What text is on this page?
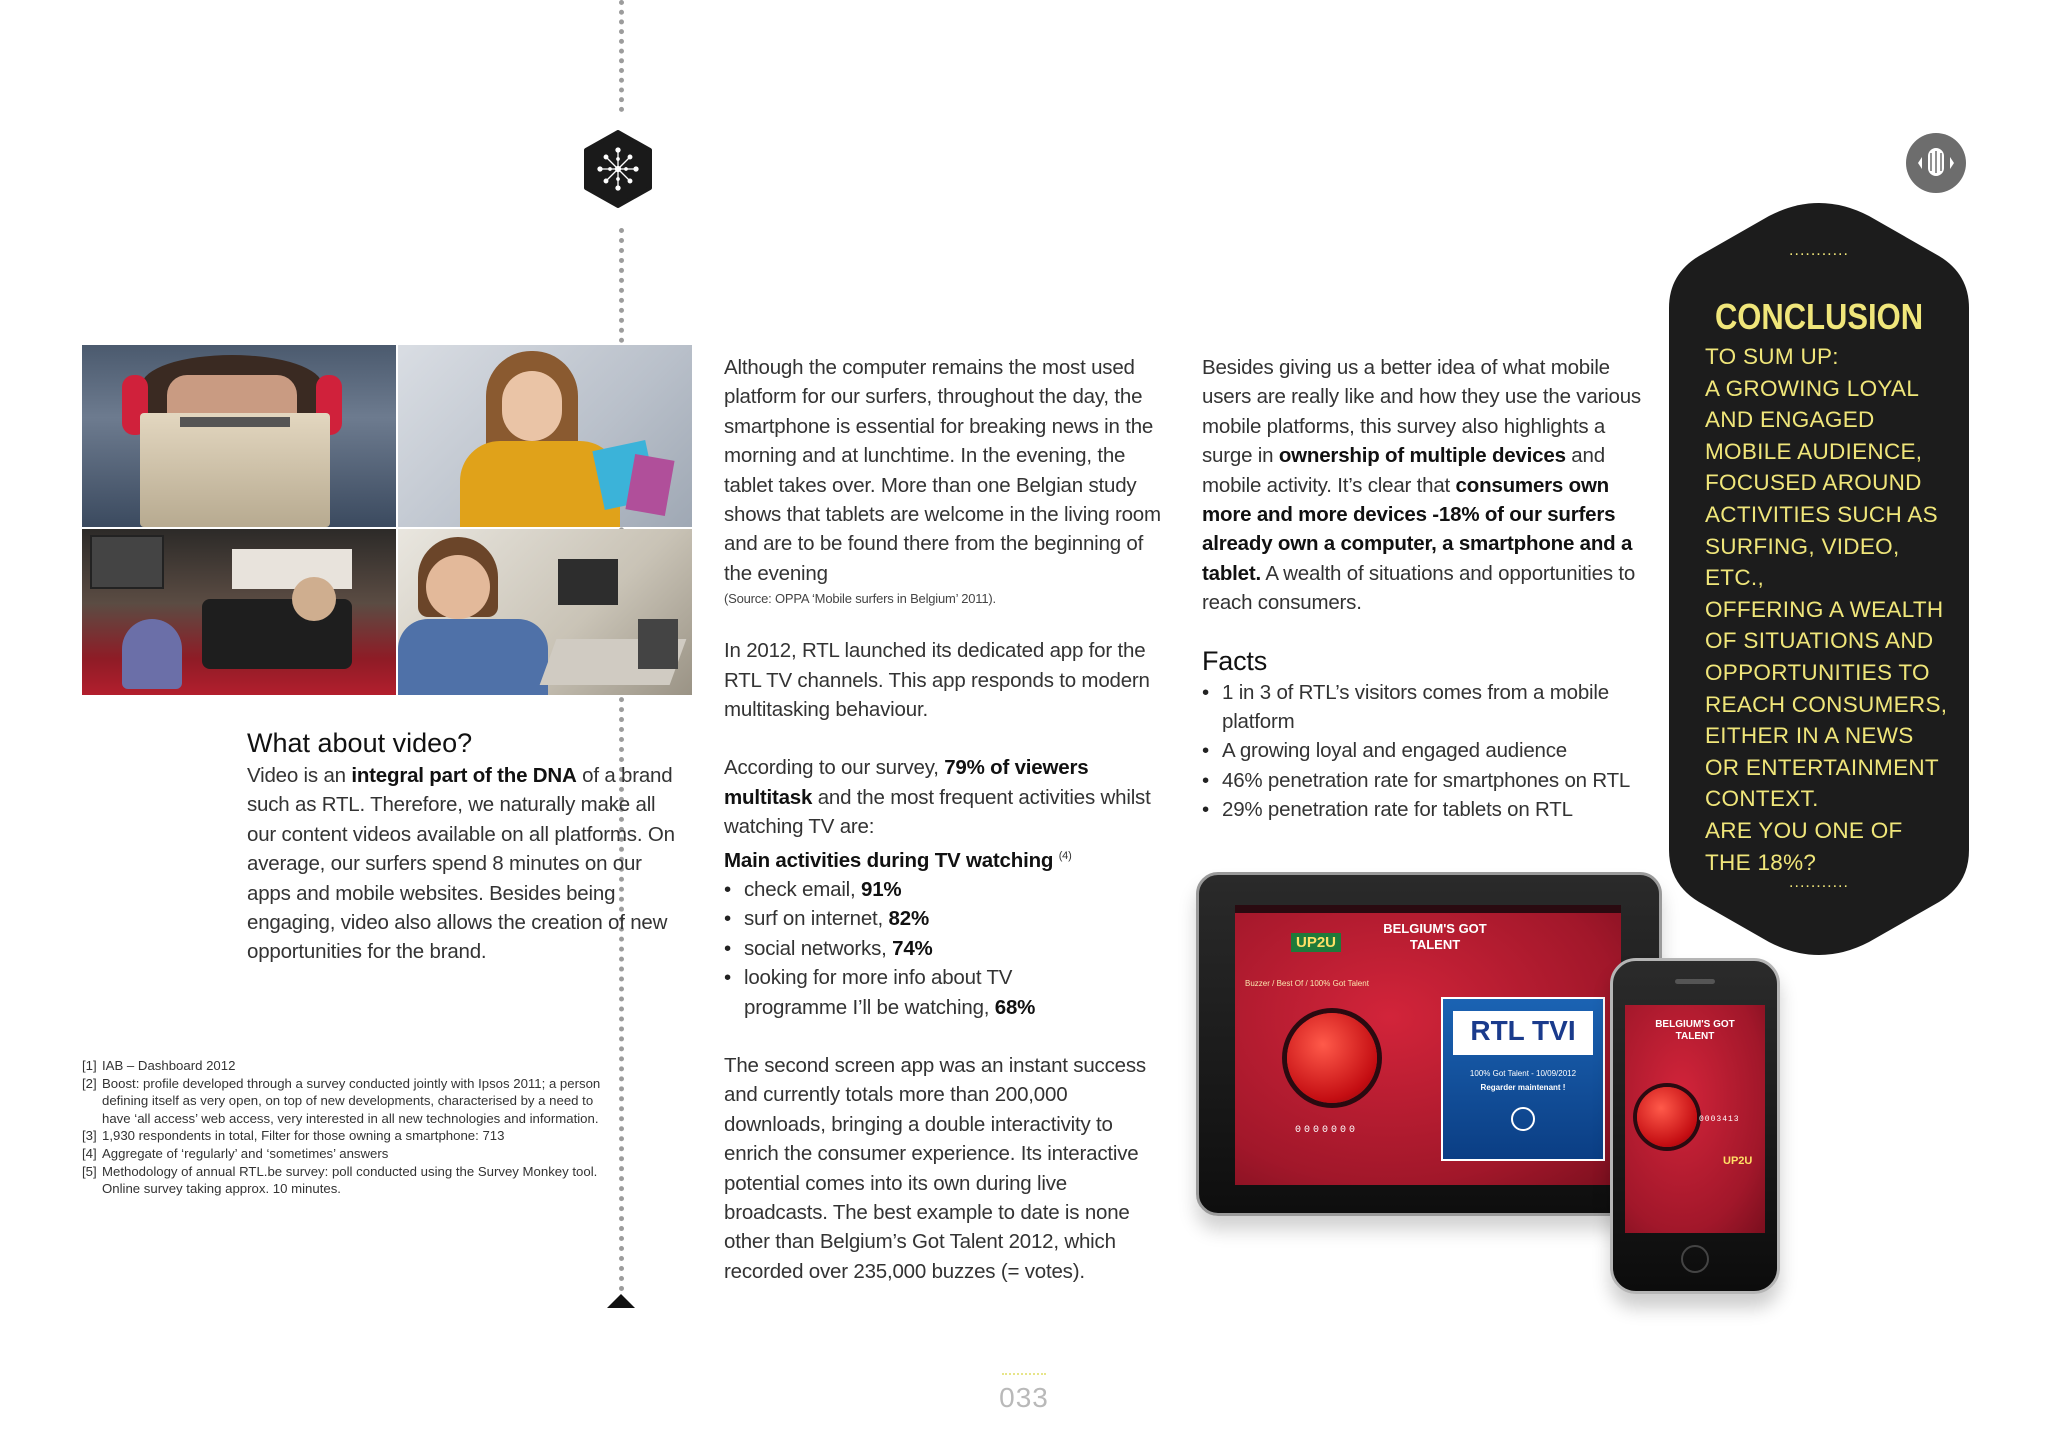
What about video?

Video is an integral part of the DNA of a brand such as RTL. Therefore, we naturally make all our content videos available on all platforms. On average, our surfers spend 8 minutes on our apps and mobile websites. Besides being engaging, video also allows the creation of new opportunities for the brand.

[1] IAB – Dashboard 2012
[2] Boost: profile developed through a survey conducted jointly with Ipsos 2011; a person defining itself as very open, on top of new developments, characterised by a need to have ‘all access’ web access, very interested in all new technologies and information.
[3] 1,930 respondents in total, Filter for those owning a smartphone: 713
[4] Aggregate of ‘regularly’ and ‘sometimes’ answers
[5] Methodology of annual RTL.be survey: poll conducted using the Survey Monkey tool. Online survey taking approx. 10 minutes.

Although the computer remains the most used platform for our surfers, throughout the day, the smartphone is essential for breaking news in the morning and at lunchtime. In the evening, the tablet takes over. More than one Belgian study shows that tablets are welcome in the living room and are to be found there from the beginning of the evening

(Source: OPPA ‘Mobile surfers in Belgium’ 2011).

In 2012, RTL launched its dedicated app for the RTL TV channels. This app responds to modern multitasking behaviour.

According to our survey, 79% of viewers multitask and the most frequent activities whilst watching TV are:

Main activities during TV watching $^{(4)}$

• check email, 91%
• surf on internet, 82%
• social networks, 74%
• looking for more info about TV programme I’ll be watching, 68%

The second screen app was an instant success and currently totals more than 200,000 downloads, bringing a double interactivity to enrich the consumer experience. Its interactive potential comes into its own during live broadcasts. The best example to date is none other than Belgium’s Got Talent 2012, which recorded over 235,000 buzzes (= votes).

Besides giving us a better idea of what mobile users are really like and how they use the various mobile platforms, this survey also highlights a surge in ownership of multiple devices and mobile activity. It’s clear that consumers own more and more devices -18% of our surfers already own a computer, a smartphone and a tablet. A wealth of situations and opportunities to reach consumers.

Facts
• 1 in 3 of RTL’s visitors comes from a mobile platform
• A growing loyal and engaged audience
• 46% penetration rate for smartphones on RTL
• 29% penetration rate for tablets on RTL
UP2U
BELGIUM'S GOT TALENT
Buzzer / Best Of / 100% Got Talent
0000000
RTL TVI
100% Got Talent - 10/09/2012
Regarder maintenant !
BELGIUM'S GOT TALENT
0003413
UP2U
...........
CONCLUSION
TO SUM UP:
A GROWING LOYAL
AND ENGAGED
MOBILE AUDIENCE,
FOCUSED AROUND
ACTIVITIES SUCH AS
SURFING, VIDEO, ETC.,
OFFERING A WEALTH
OF SITUATIONS AND
OPPORTUNITIES TO
REACH CONSUMERS,
EITHER IN A NEWS
OR ENTERTAINMENT
CONTEXT.
ARE YOU ONE OF
THE 18%?
...........
033
